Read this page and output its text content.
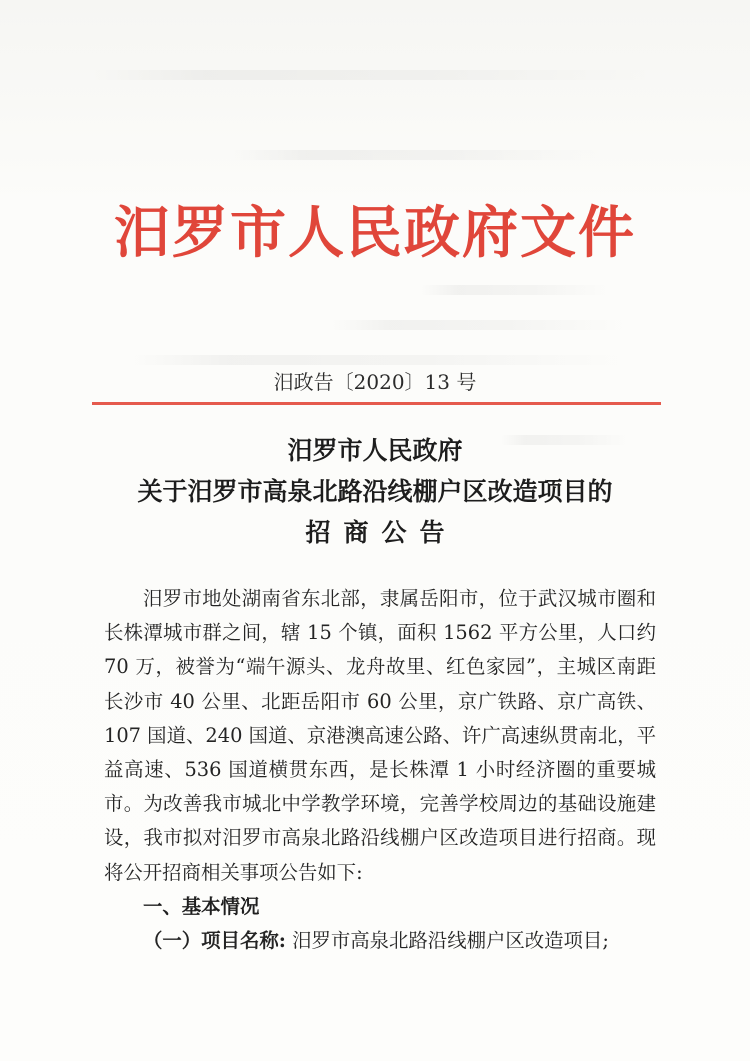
汨罗市人民政府文件
汨政告〔2020〕13 号
汨罗市人民政府
关于汨罗市高泉北路沿线棚户区改造项目的
招商公告

汨罗市地处湖南省东北部，隶属岳阳市，位于武汉城市圈和长株潭城市群之间，辖 15 个镇，面积 1562 平方公里，人口约 70 万，被誉为“端午源头、龙舟故里、红色家园”，主城区南距长沙市 40 公里、北距岳阳市 60 公里，京广铁路、京广高铁、107 国道、240 国道、京港澳高速公路、许广高速纵贯南北，平益高速、536 国道横贯东西，是长株潭 1 小时经济圈的重要城市。为改善我市城北中学教学环境，完善学校周边的基础设施建设，我市拟对汨罗市高泉北路沿线棚户区改造项目进行招商。现将公开招商相关事项公告如下:

一、基本情况

（一）项目名称: 汨罗市高泉北路沿线棚户区改造项目;
